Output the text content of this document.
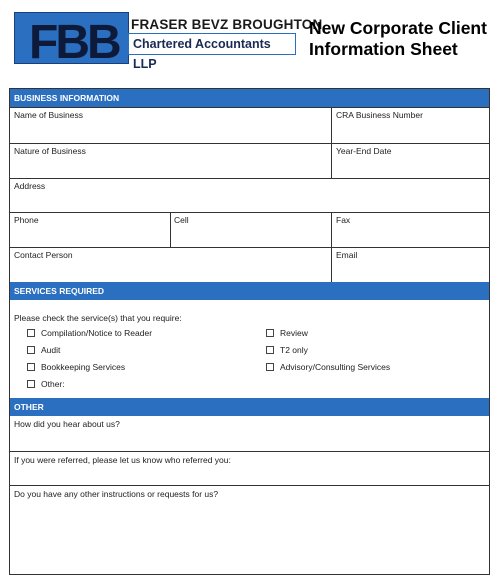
FBB FRASER BEVZ BROUGHTON
Chartered Accountants LLP
New Corporate Client
Information Sheet
BUSINESS INFORMATION
Name of Business	CRA Business Number
Nature of Business	Year-End Date
Address
Phone	Cell	Fax
Contact Person	Email
SERVICES REQUIRED
Please check the service(s) that you require:
Compilation/Notice to Reader
Audit
Bookkeeping Services
Other:
Review
T2 only
Advisory/Consulting Services
OTHER
How did you hear about us?
If you were referred, please let us know who referred you:
Do you have any other instructions or requests for us?
